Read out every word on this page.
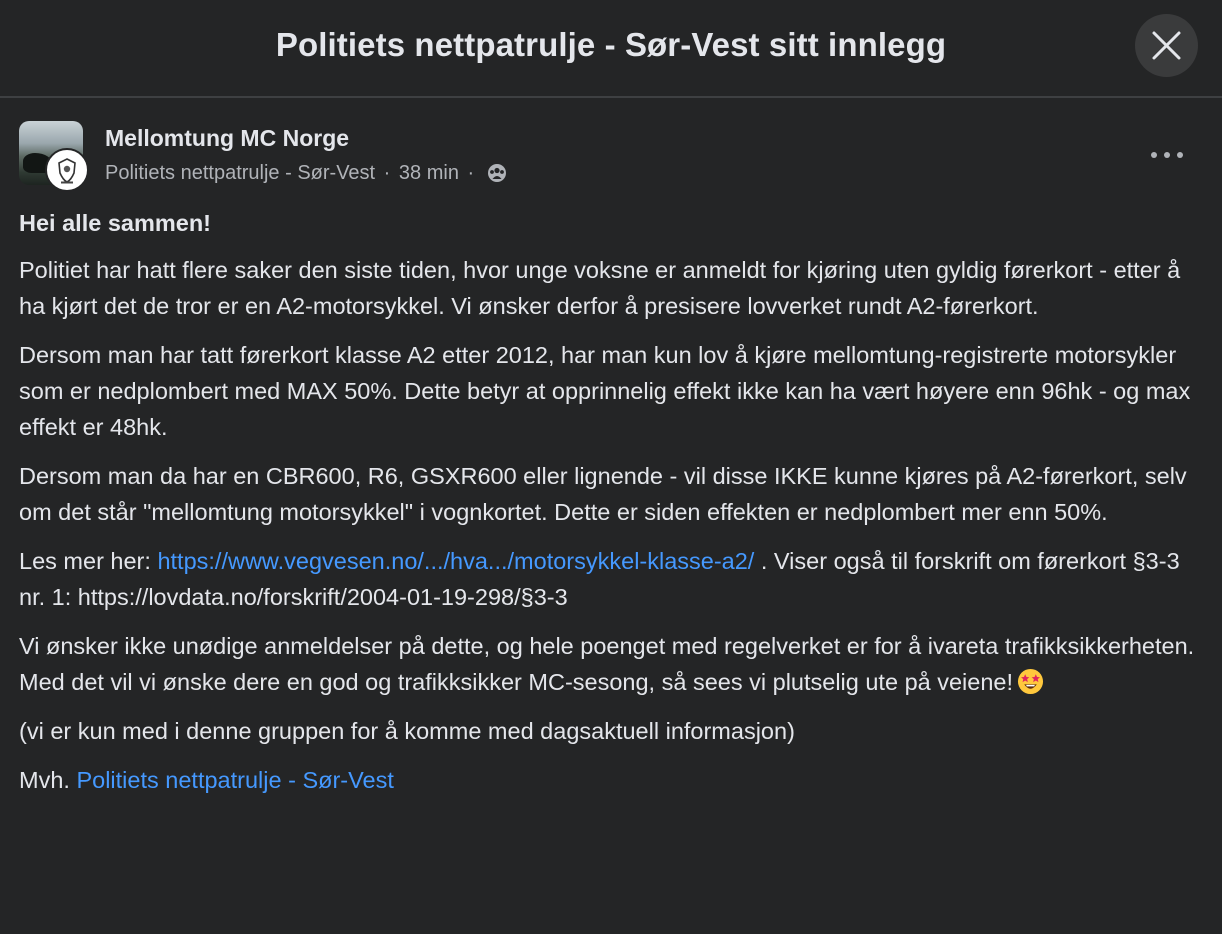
Politiets nettpatrulje - Sør-Vest sitt innlegg
Mellomtung MC Norge
Politiets nettpatrulje - Sør-Vest · 38 min ·

Hei alle sammen!

Politiet har hatt flere saker den siste tiden, hvor unge voksne er anmeldt for kjøring uten gyldig førerkort - etter å ha kjørt det de tror er en A2-motorsykkel. Vi ønsker derfor å presisere lovverket rundt A2-førerkort.

Dersom man har tatt førerkort klasse A2 etter 2012, har man kun lov å kjøre mellomtung-registrerte motorsykler som er nedplombert med MAX 50%. Dette betyr at opprinnelig effekt ikke kan ha vært høyere enn 96hk - og max effekt er 48hk.

Dersom man da har en CBR600, R6, GSXR600 eller lignende - vil disse IKKE kunne kjøres på A2-førerkort, selv om det står "mellomtung motorsykkel" i vognkortet. Dette er siden effekten er nedplombert mer enn 50%.

Les mer her: https://www.vegvesen.no/.../hva.../motorsykkel-klasse-a2/ . Viser også til forskrift om førerkort §3-3 nr. 1: https://lovdata.no/forskrift/2004-01-19-298/§3-3

Vi ønsker ikke unødige anmeldelser på dette, og hele poenget med regelverket er for å ivareta trafikksikkerheten. Med det vil vi ønske dere en god og trafikksikker MC-sesong, så sees vi plutselig ute på veiene!

(vi er kun med i denne gruppen for å komme med dagsaktuell informasjon)

Mvh. Politiets nettpatrulje - Sør-Vest
